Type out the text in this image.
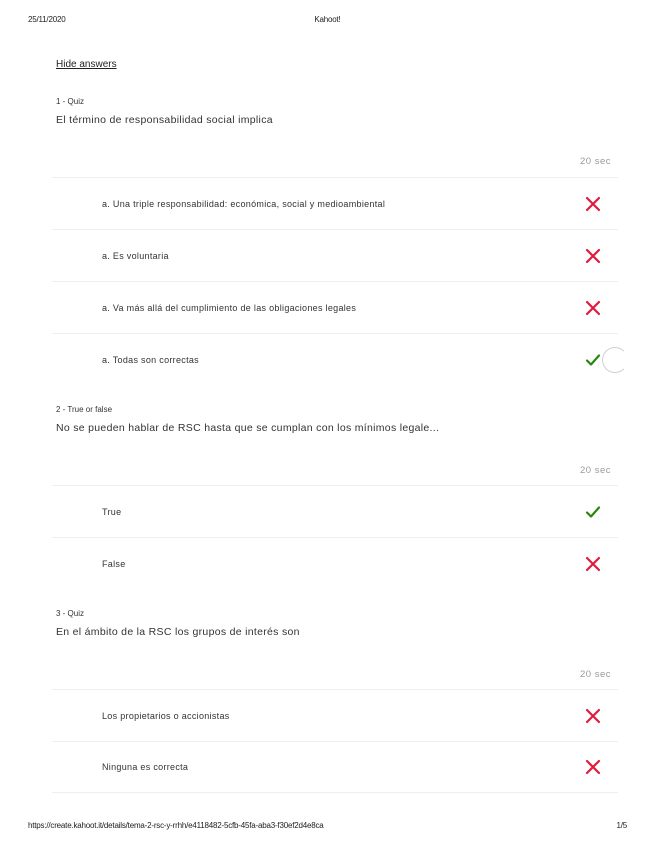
25/11/2020	Kahoot!
Hide answers
1 - Quiz
El término de responsabilidad social implica
20 sec
a. Una triple responsabilidad: económica, social y medioambiental
a. Es voluntaria
a. Va más allá del cumplimiento de las obligaciones legales
a. Todas son correctas
2 - True or false
No se pueden hablar de RSC hasta que se cumplan con los mínimos legale...
20 sec
True
False
3 - Quiz
En el ámbito de la RSC los grupos de interés son
20 sec
Los propietarios o accionistas
Ninguna es correcta
https://create.kahoot.it/details/tema-2-rsc-y-rrhh/e4118482-5cfb-45fa-aba3-f30ef2d4e8ca	1/5
